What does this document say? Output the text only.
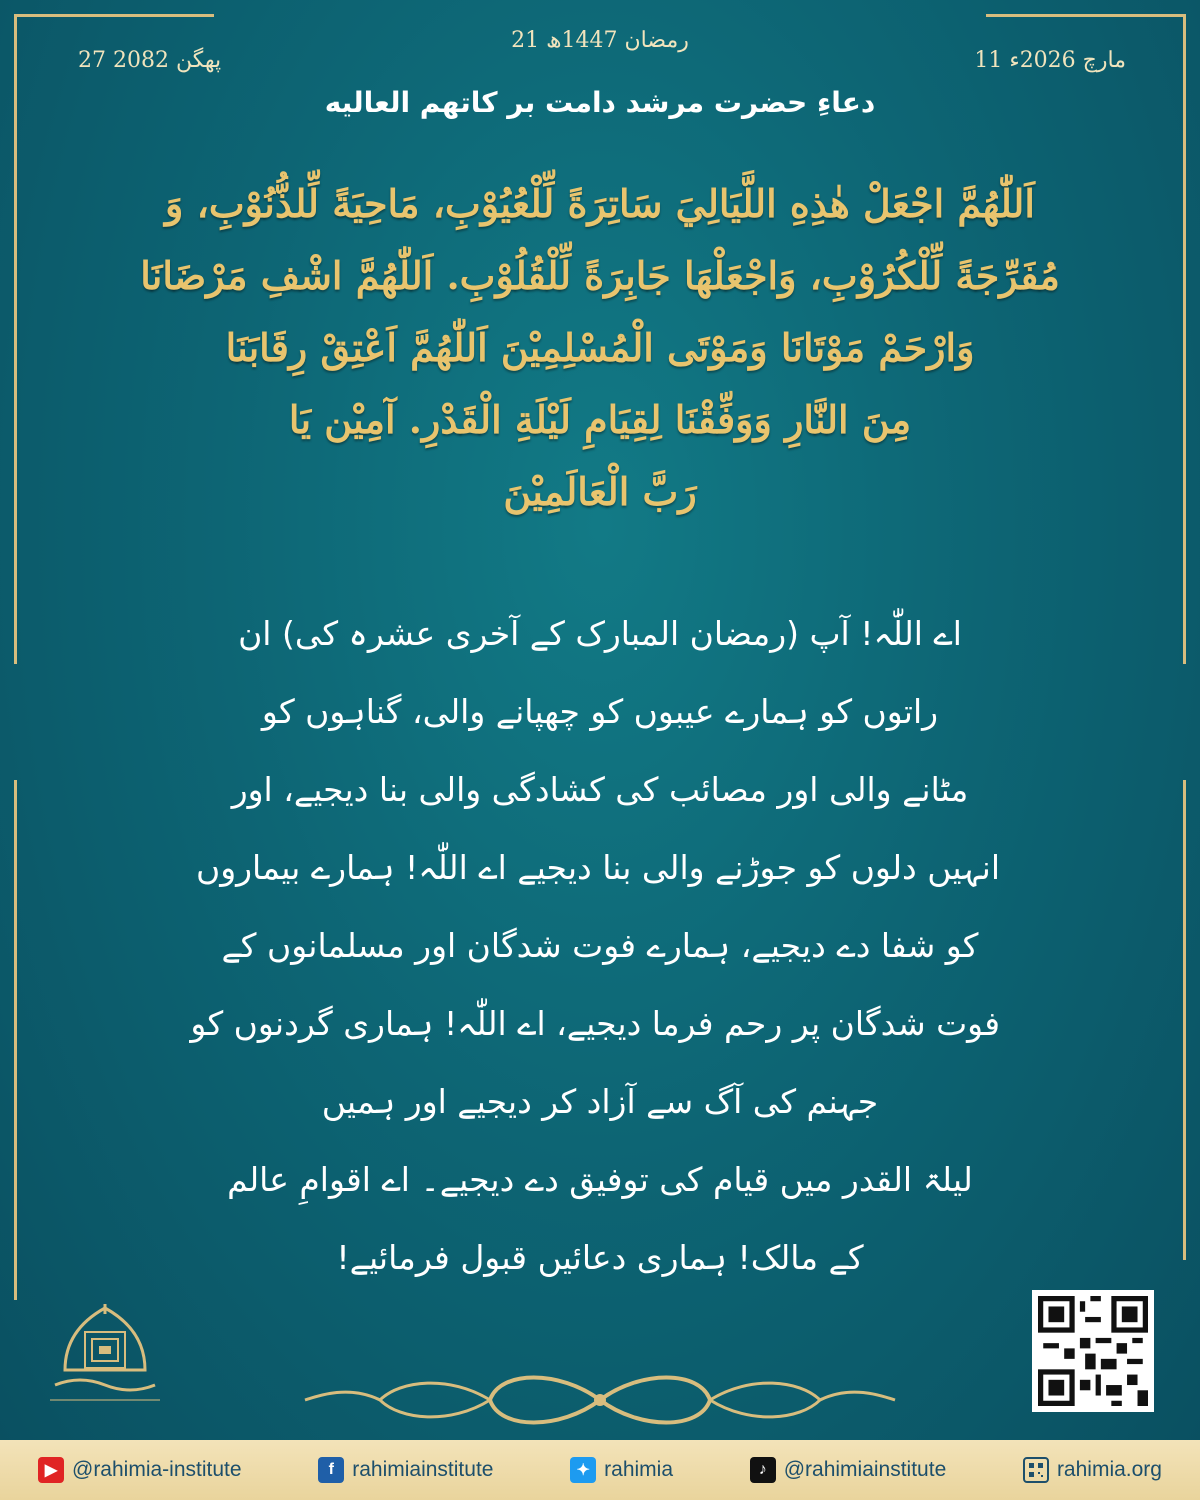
21 رمضان 1447ھ
27 پھگن 2082	11 مارچ 2026ء
دعاءِ حضرت مرشد دامت بر کاتهم العالیه
اَللّٰهُمَّ اجْعَلْ هٰذِهِ اللَّيَالِيَ سَاتِرَةً لِّلْعُيُوْبِ، مَاحِيَةً لِّلذُّنُوْبِ، وَ
مُفَرِّجَةً لِّلْكُرُوْبِ، وَاجْعَلْهَا جَابِرَةً لِّلْقُلُوْبِ. اَللّٰهُمَّ اشْفِ مَرْضَانَا
وَارْحَمْ مَوْتَانَا وَمَوْتَى الْمُسْلِمِيْنَ اَللّٰهُمَّ اَعْتِقْ رِقَابَنَا
مِنَ النَّارِ وَوَفِّقْنَا لِقِيَامِ لَيْلَةِ الْقَدْرِ. آمِيْن يَا
رَبَّ الْعَالَمِيْنَ
اے اللّٰہ! آپ (رمضان المبارک کے آخری عشرہ کی) ان
راتوں کو ہمارے عیبوں کو چھپانے والی، گناہوں کو
مٹانے والی اور مصائب کی کشادگی والی بنا دیجیے، اور
انہیں دلوں کو جوڑنے والی بنا دیجیے اے اللّٰہ! ہمارے بیماروں
کو شفا دے دیجیے، ہمارے فوت شدگان اور مسلمانوں کے
فوت شدگان پر رحم فرما دیجیے، اے اللّٰہ! ہماری گردنوں کو
جہنم کی آگ سے آزاد کر دیجیے اور ہمیں
لیلۃ القدر میں قیام کی توفیق دے دیجیے۔ اے اقوامِ عالم
کے مالک! ہماری دعائیں قبول فرمائیے!
▶ @rahimia-institute	f rahimiainstitute	✦ rahimia	♪ @rahimiainstitute	rahimia.org
